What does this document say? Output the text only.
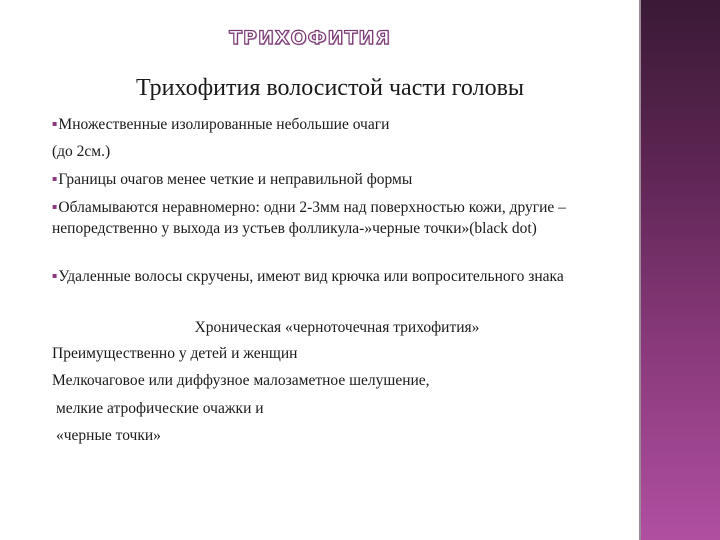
ТРИХОФИТИЯ
Трихофития волосистой части головы
▪Множественные изолированные небольшие очаги
(до 2см.)
▪Границы очагов менее четкие и неправильной формы
▪Обламываются неравномерно: одни 2-3мм над поверхностью кожи, другие – непоредственно у выхода из устьев фолликула-»черные точки»(black dot)
▪Удаленные волосы скручены, имеют вид крючка или вопросительного знака
Хроническая «черноточечная трихофития»
Преимущественно у детей и женщин
Мелкочаговое или диффузное малозаметное шелушение,
мелкие атрофические очажки и
«черные точки»
